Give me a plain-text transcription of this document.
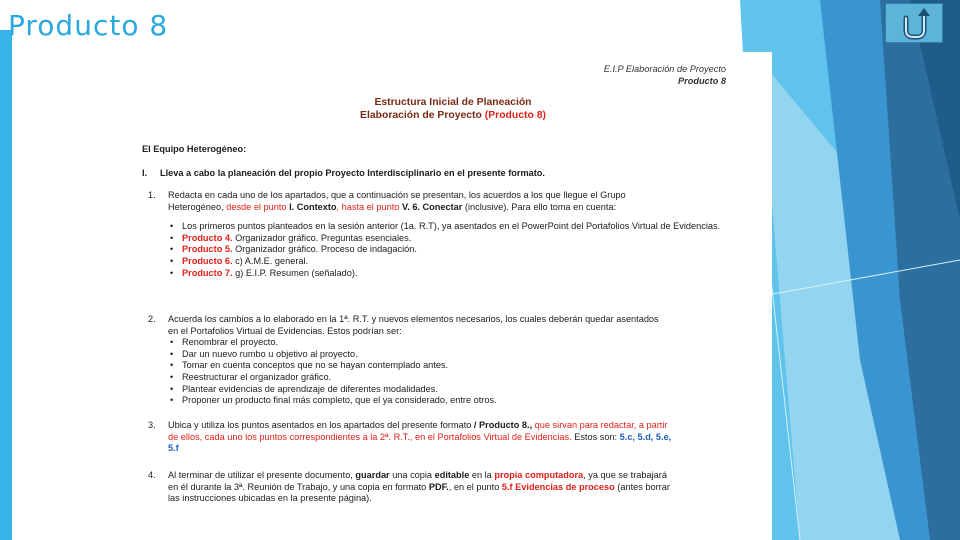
Producto 8
E.I.P Elaboración de Proyecto
Producto 8
Estructura Inicial de Planeación
Elaboración de Proyecto (Producto 8)
El Equipo Heterogéneo:
I. Lleva a cabo la planeación del propio Proyecto Interdisciplinario en el presente formato.
1. Redacta en cada uno de los apartados, que a continuación se presentan, los acuerdos a los que llegue el Grupo
Heterogéneo, desde el punto I. Contexto, hasta el punto V. 6. Conectar (inclusive). Para ello toma en cuenta:
• Los primeros puntos planteados en la sesión anterior (1a. R.T), ya asentados en el PowerPoint del Portafolios Virtual de Evidencias.
• Producto 4. Organizador gráfico. Preguntas esenciales.
• Producto 5. Organizador gráfico. Proceso de indagación.
• Producto 6. c) A.M.E. general.
• Producto 7. g) E.I.P. Resumen (señalado).
2. Acuerda los cambios a lo elaborado en la 1ª. R.T. y nuevos elementos necesarios, los cuales deberán quedar asentados
en el Portafolios Virtual de Evidencias. Estos podrían ser:
• Renombrar el proyecto.
• Dar un nuevo rumbo u objetivo al proyecto.
• Tomar en cuenta conceptos que no se hayan contemplado antes.
• Reestructurar el organizador gráfico.
• Plantear evidencias de aprendizaje de diferentes modalidades.
• Proponer un producto final más completo, que el ya considerado, entre otros.
3. Ubica y utiliza los puntos asentados en los apartados del presente formato / Producto 8., que sirvan para redactar, a partir
de ellos, cada uno los puntos correspondientes a la 2ª. R.T., en el Portafolios Virtual de Evidencias. Estos son: 5.c, 5.d, 5.e,
5.f
4. Al terminar de utilizar el presente documento, guardar una copia editable en la propia computadora, ya que se trabajará
en él durante la 3ª. Reunión de Trabajo, y una copia en formato PDF., en el punto 5.f Evidencias de proceso (antes borrar
las instrucciones ubicadas en la presente página).
